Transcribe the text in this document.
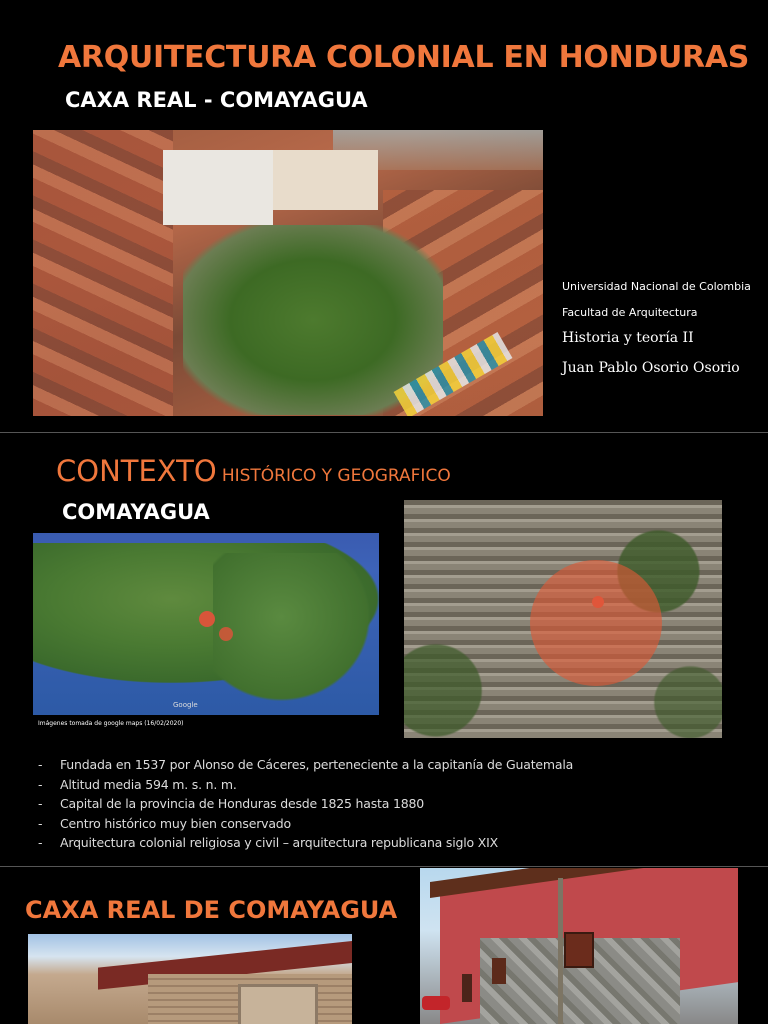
ARQUITECTURA COLONIAL EN HONDURAS
CAXA REAL - COMAYAGUA
Universidad Nacional de Colombia
Facultad de Arquitectura
Historia y teoría II
Juan Pablo Osorio Osorio
CONTEXTO HISTÓRICO Y GEOGRAFICO
COMAYAGUA
Google
Imágenes tomada de google maps (16/02/2020)
- Fundada en 1537 por Alonso de Cáceres, perteneciente a la capitanía de Guatemala
- Altitud media 594 m. s. n. m.
- Capital de la provincia de Honduras desde 1825 hasta 1880
- Centro histórico muy bien conservado
- Arquitectura colonial religiosa y civil – arquitectura republicana siglo XIX
CAXA REAL DE COMAYAGUA
